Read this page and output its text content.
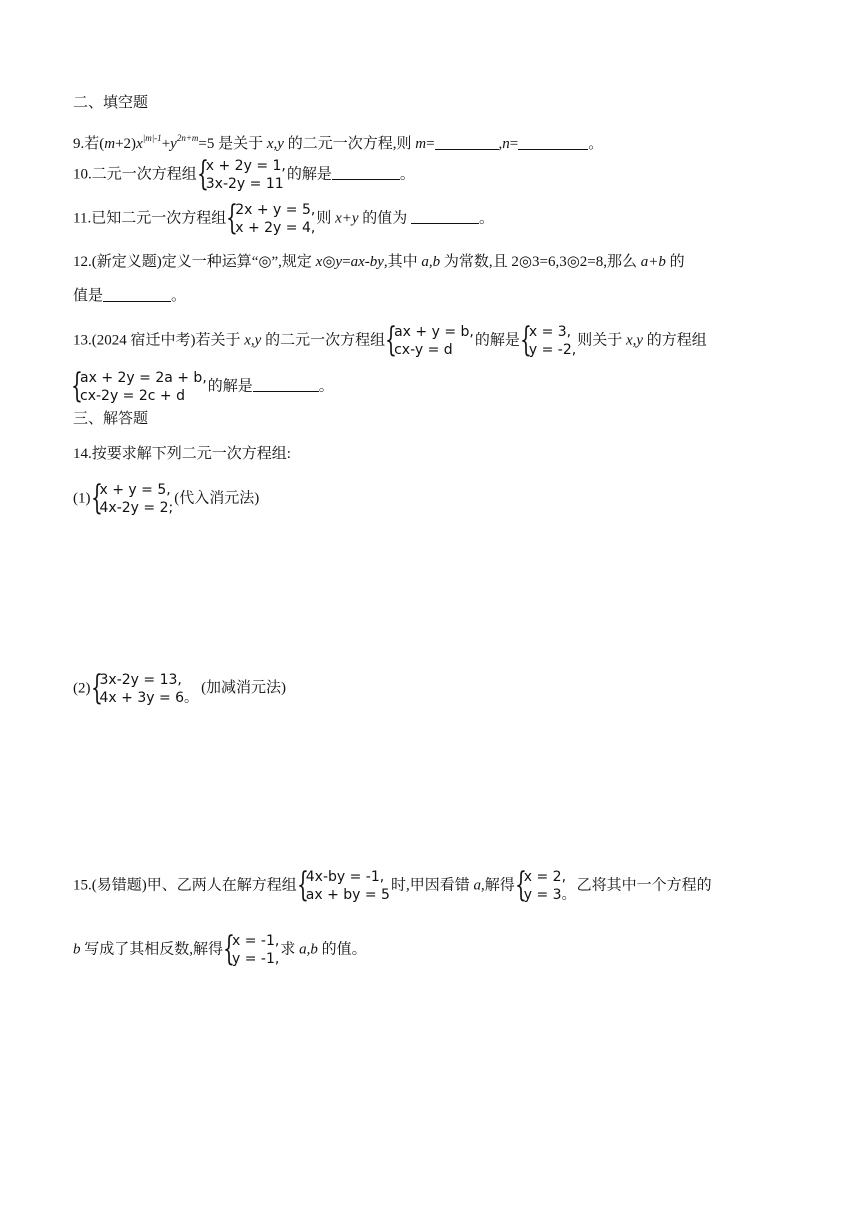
二、填空题
9.若$(m+2)x^{|m|-1}+y^{2n+m}=5$ 是关于 x,y 的二元一次方程,则 m=	,n=	。
10.二元一次方程组 {
x + 2y = 1,
3x-2y = 11
的解是	。
11.已知二元一次方程组 {
2x + y = 5,
x + 2y = 4,
则 x+y 的值为	。
12.(新定义题)定义一种运算“◎”,规定 x◎y=ax-by,其中 a,b 为常数,且 2◎3=6,3◎2=8,那么 a+b 的
值是	。
13.(2024 宿迁中考)若关于 x,y 的二元一次方程组 {
ax + y = b,
cx-y = d
的解是 {
x = 3,
y = -2,
则关于 x,y 的方程组
{
ax + 2y = 2a + b,
cx-2y = 2c + d
的解是	。
三、解答题
14.按要求解下列二元一次方程组:
(1) {
x + y = 5,
4x-2y = 2;
(代入消元法)
(2) {
3x-2y = 13,
4x + 3y = 6。
(加减消元法)
15.(易错题)甲、乙两人在解方程组 {
4x-by = -1,
ax + by = 5
时,甲因看错 a,解得 {
x = 2,
y = 3。
乙将其中一个方程的
b 写成了其相反数,解得 {
x = -1,
y = -1,
求 a,b 的值。
